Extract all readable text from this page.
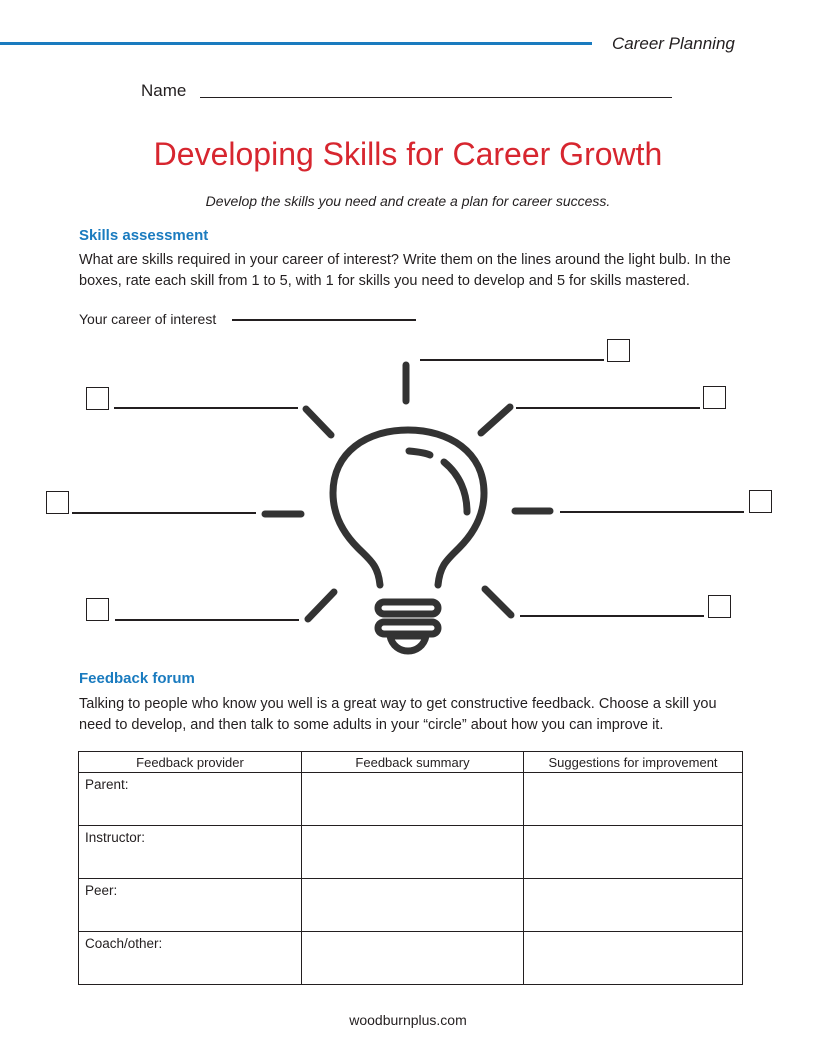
Career Planning
Name
Developing Skills for Career Growth
Develop the skills you need and create a plan for career success.
Skills assessment
What are skills required in your career of interest? Write them on the lines around the light bulb. In the boxes, rate each skill from 1 to 5, with 1 for skills you need to develop and 5 for skills mastered.
Your career of interest
Feedback forum
Talking to people who know you well is a great way to get constructive feedback. Choose a skill you need to develop, and then talk to some adults in your “circle” about how you can improve it.
Feedback provider	Feedback summary	Suggestions for improvement
Parent:		
Instructor:		
Peer:		
Coach/other:		
woodburnplus.com
